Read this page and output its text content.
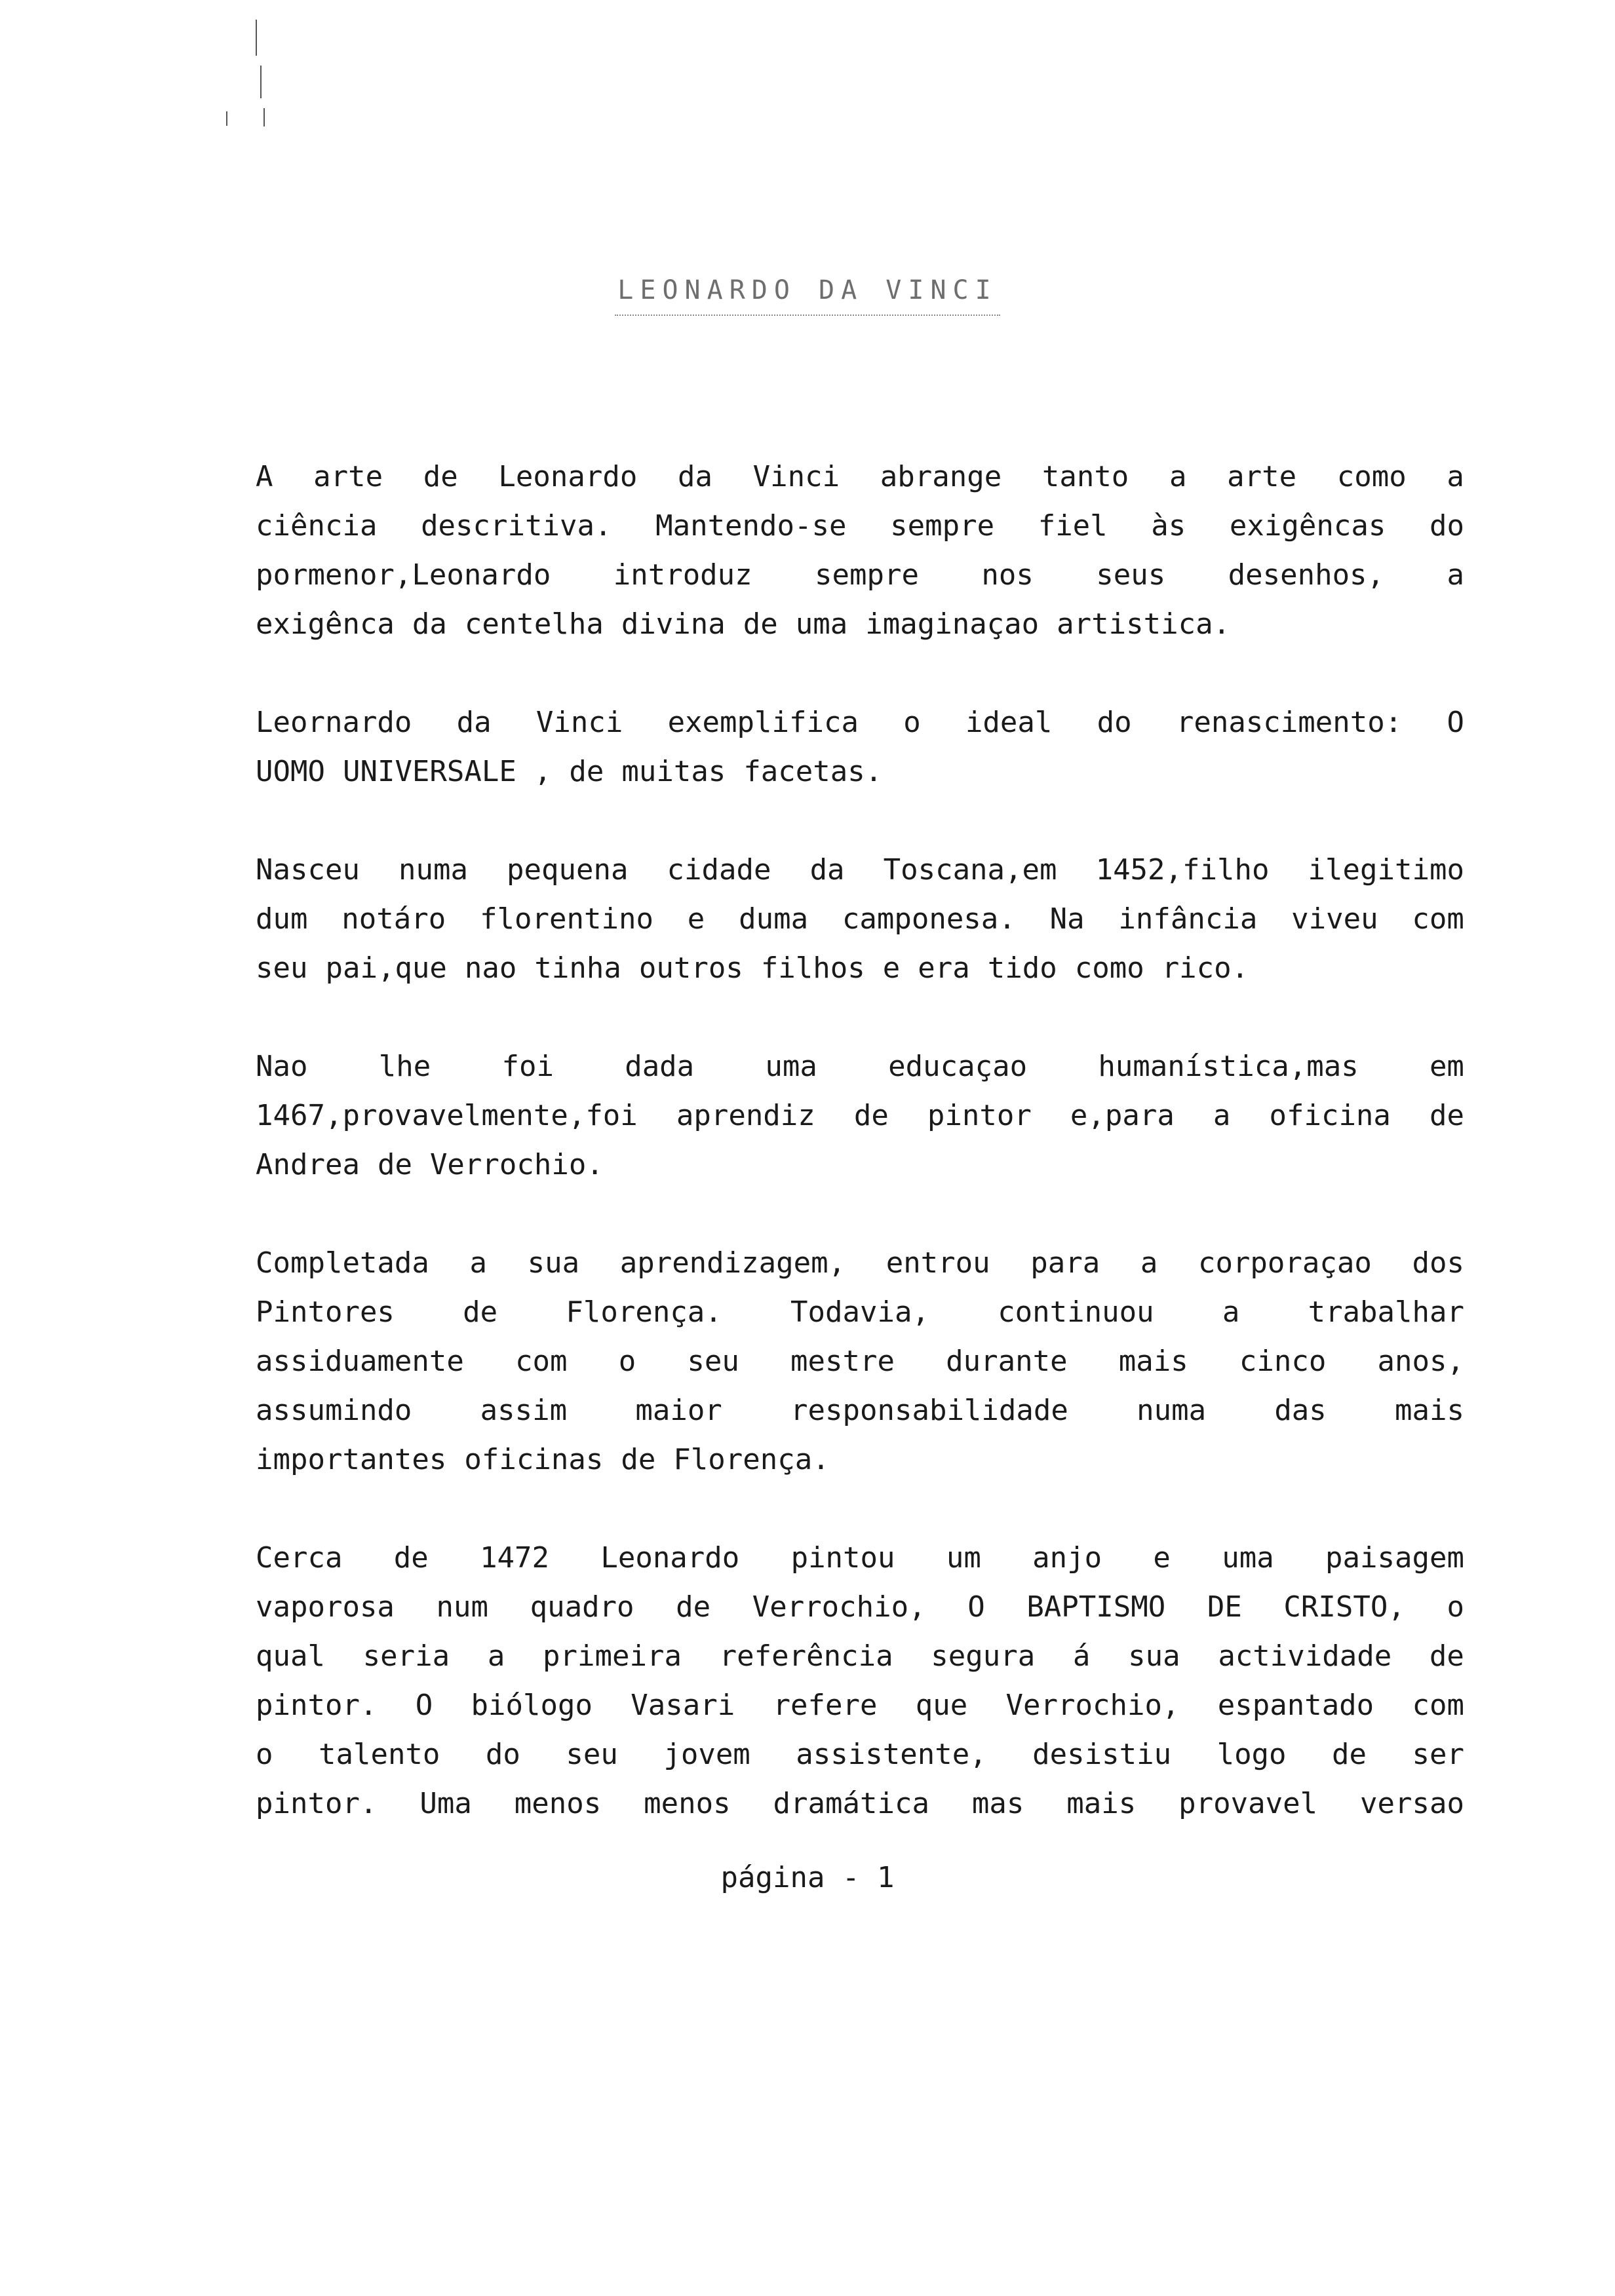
LEONARDO DA VINCI
A arte de Leonardo da Vinci abrange tanto a arte como a
ciência descritiva. Mantendo-se sempre fiel às exigêncas do
pormenor,Leonardo introduz sempre nos seus desenhos, a
exigênca da centelha divina de uma imaginaçao artistica.
Leornardo da Vinci exemplifica o ideal do renascimento: O
UOMO UNIVERSALE , de muitas facetas.
Nasceu numa pequena cidade da Toscana,em 1452,filho ilegitimo
dum notáro florentino e duma camponesa. Na infância viveu com
seu pai,que nao tinha outros filhos e era tido como rico.
Nao lhe foi dada uma educaçao humanística,mas em
1467,provavelmente,foi aprendiz de pintor e,para a oficina de
Andrea de Verrochio.
Completada a sua aprendizagem, entrou para a corporaçao dos
Pintores de Florença. Todavia, continuou a trabalhar
assiduamente com o seu mestre durante mais cinco anos,
assumindo assim maior responsabilidade numa das mais
importantes oficinas de Florença.
Cerca de 1472 Leonardo pintou um anjo e uma paisagem
vaporosa num quadro de Verrochio, O BAPTISMO DE CRISTO, o
qual seria a primeira referência segura á sua actividade de
pintor. O biólogo Vasari refere que Verrochio, espantado com
o talento do seu jovem assistente, desistiu logo de ser
pintor. Uma menos menos dramática mas mais provavel versao
página - 1
